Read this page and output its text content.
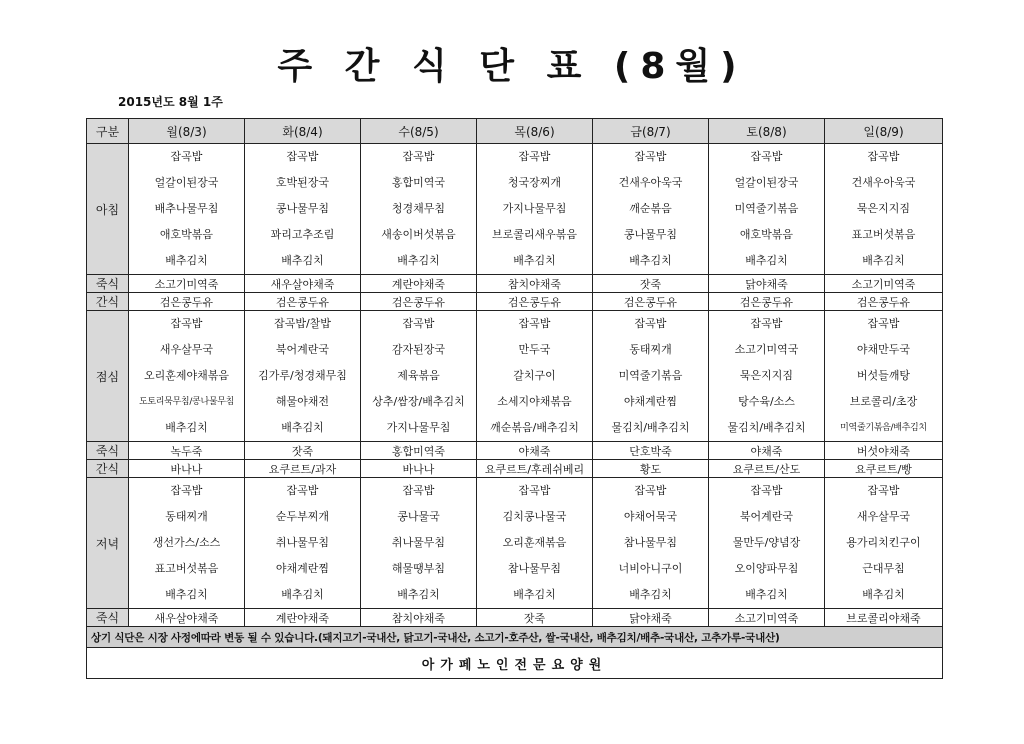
주 간 식 단 표 (8월)
2015년도 8월 1주
구분	월(8/3)	화(8/4)	수(8/5)	목(8/6)	금(8/7)	토(8/8)	일(8/9)
아침	잡곡밥
얼갈이된장국
배추나물무침
애호박볶음
배추김치	잡곡밥
호박된장국
콩나물무침
꽈리고추조림
배추김치	잡곡밥
홍합미역국
청경채무침
새송이버섯볶음
배추김치	잡곡밥
청국장찌개
가지나물무침
브로콜리새우볶음
배추김치	잡곡밥
건새우아욱국
깨순볶음
콩나물무침
배추김치	잡곡밥
얼갈이된장국
미역줄기볶음
애호박볶음
배추김치	잡곡밥
건새우아욱국
묵은지지짐
표고버섯볶음
배추김치

죽식	소고기미역죽	새우살야채죽	계란야채죽	참치야채죽	잣죽	닭야채죽	소고기미역죽
간식	검은콩두유	검은콩두유	검은콩두유	검은콩두유	검은콩두유	검은콩두유	검은콩두유
점심	잡곡밥
새우살무국
오리훈제야채볶음
도토리묵무침/콩나물무침
배추김치	잡곡밥/찰밥
북어계란국
김가루/청경채무침
해물야채전
배추김치	잡곡밥
감자된장국
제육볶음
상추/쌈장/배추김치
가지나물무침	잡곡밥
만두국
갈치구이
소세지야채볶음
깨순볶음/배추김치	잡곡밥
동태찌개
미역줄기볶음
야채계란찜
물김치/배추김치	잡곡밥
소고기미역국
묵은지지짐
탕수육/소스
물김치/배추김치	잡곡밥
야채만두국
버섯들깨탕
브로콜리/초장
미역줄기볶음/배추김치

죽식	녹두죽	잣죽	홍합미역죽	야채죽	단호박죽	야채죽	버섯야채죽
간식	바나나	요쿠르트/과자	바나나	요쿠르트/후레쉬베리	황도	요쿠르트/산도	요쿠르트/빵
저녁	잡곡밥
동태찌개
생선가스/소스
표고버섯볶음
배추김치	잡곡밥
순두부찌개
취나물무침
야채계란찜
배추김치	잡곡밥
콩나물국
취나물무침
해물땡부침
배추김치	잡곡밥
김치콩나물국
오리훈재볶음
참나물무침
배추김치	잡곡밥
야채어묵국
참나물무침
너비아니구이
배추김치	잡곡밥
북어계란국
물만두/양념장
오이양파무침
배추김치	잡곡밥
새우살무국
용가리치킨구이
근대무침
배추김치

죽식	새우살야채죽	계란야채죽	참치야채죽	잣죽	닭야채죽	소고기미역죽	브로콜리야채죽
상기 식단은 시장 사정에따라 변동 될 수 있습니다.(돼지고기-국내산, 닭고기-국내산, 소고기-호주산, 쌀-국내산, 배추김치/배추-국내산, 고추가루-국내산)							
아가페노인전문요양원							
